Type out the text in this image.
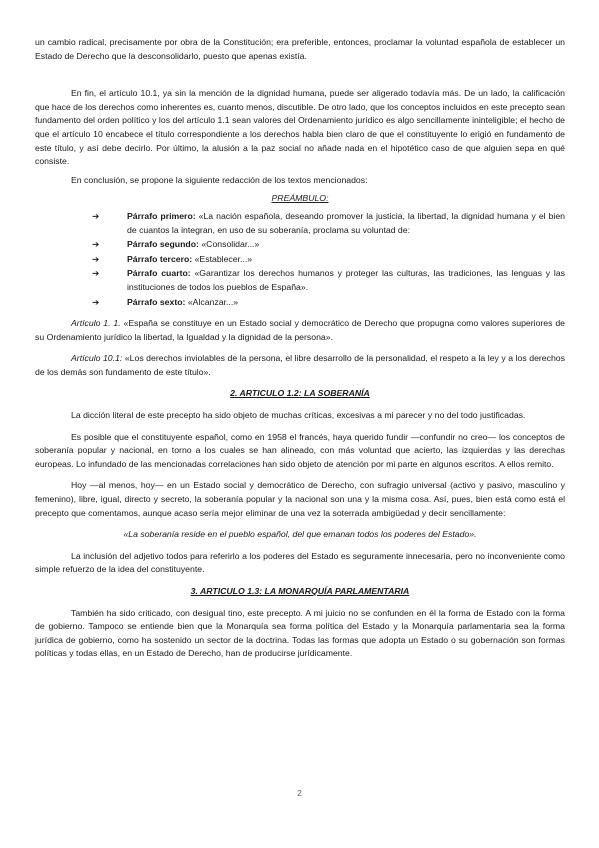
un cambio radical, precisamente por obra de la Constitución; era preferible, entonces, proclamar la voluntad española de establecer un Estado de Derecho que la desconsolidarlo, puesto que apenas existía.

En fin, el artículo 10.1, ya sin la mención de la dignidad humana, puede ser aligerado todavía más. De un lado, la calificación que hace de los derechos como inherentes es, cuanto menos, discutible. De otro lado, que los conceptos incluidos en este precepto sean fundamento del orden político y los del artículo 1.1 sean valores del Ordenamiento jurídico es algo sencillamente ininteligible; el hecho de que el artículo 10 encabece el título correspondiente a los derechos habla bien claro de que el constituyente lo erigió en fundamento de este título, y así debe decirlo. Por último, la alusión a la paz social no añade nada en el hipotético caso de que alguien sepa en qué consiste.

En conclusión, se propone la siguiente redacción de los textos mencionados:

PREÁMBULO:

➔	Párrafo primero: «La nación española, deseando promover la justicia, la libertad, la dignidad humana y el bien de cuantos la integran, en uso de su soberanía, proclama su voluntad de:
➔	Párrafo segundo: «Consolidar...»
➔	Párrafo tercero: «Establecer...»
➔	Párrafo cuarto: «Garantizar los derechos humanos y proteger las culturas, las tradiciones, las lenguas y las instituciones de todos los pueblos de España».
➔	Párrafo sexto: «Alcanzar...»

Artículo 1. 1. «España se constituye en un Estado social y democrático de Derecho que propugna como valores superiores de su Ordenamiento jurídico la libertad, la Igualdad y la dignidad de la persona».

Artículo 10.1: «Los derechos inviolables de la persona, el libre desarrollo de la personalidad, el respeto a la ley y a los derechos de los demás son fundamento de este título».

2. ARTICULO 1.2: LA SOBERANÍA

La dicción literal de este precepto ha sido objeto de muchas críticas, excesivas a mi parecer y no del todo justificadas.

Es posible que el constituyente español, como en 1958 el francés, haya querido fundir —confundir no creo— los conceptos de soberanía popular y nacional, en torno a los cuales se han alineado, con más voluntad que acierto, las izquierdas y las derechas europeas. Lo infundado de las mencionadas correlaciones han sido objeto de atención por mi parte en algunos escritos. A ellos remito.

Hoy —al menos, hoy— en un Estado social y democrático de Derecho, con sufragio universal (activo y pasivo, masculino y femenino), libre, igual, directo y secreto, la soberanía popular y la nacional son una y la misma cosa. Así, pues, bien está como está el precepto que comentamos, aunque acaso sería mejor eliminar de una vez la soterrada ambigüedad y decir sencillamente:

«La soberanía reside en el pueblo español, del que emanan todos los poderes del Estado».

La inclusión del adjetivo todos para referirlo a los poderes del Estado es seguramente innecesaria, pero no inconveniente como simple refuerzo de la idea del constituyente.

3. ARTICULO 1.3: LA MONARQUÍA PARLAMENTARIA

También ha sido criticado, con desigual tino, este precepto. A mi juicio no se confunden en él la forma de Estado con la forma de gobierno. Tampoco se entiende bien que la Monarquía sea forma política del Estado y la Monarquía parlamentaria sea la forma jurídica de gobierno, como ha sostenido un sector de la doctrina. Todas las formas que adopta un Estado o su gobernación son formas políticas y todas ellas, en un Estado de Derecho, han de producirse jurídicamente.

2
